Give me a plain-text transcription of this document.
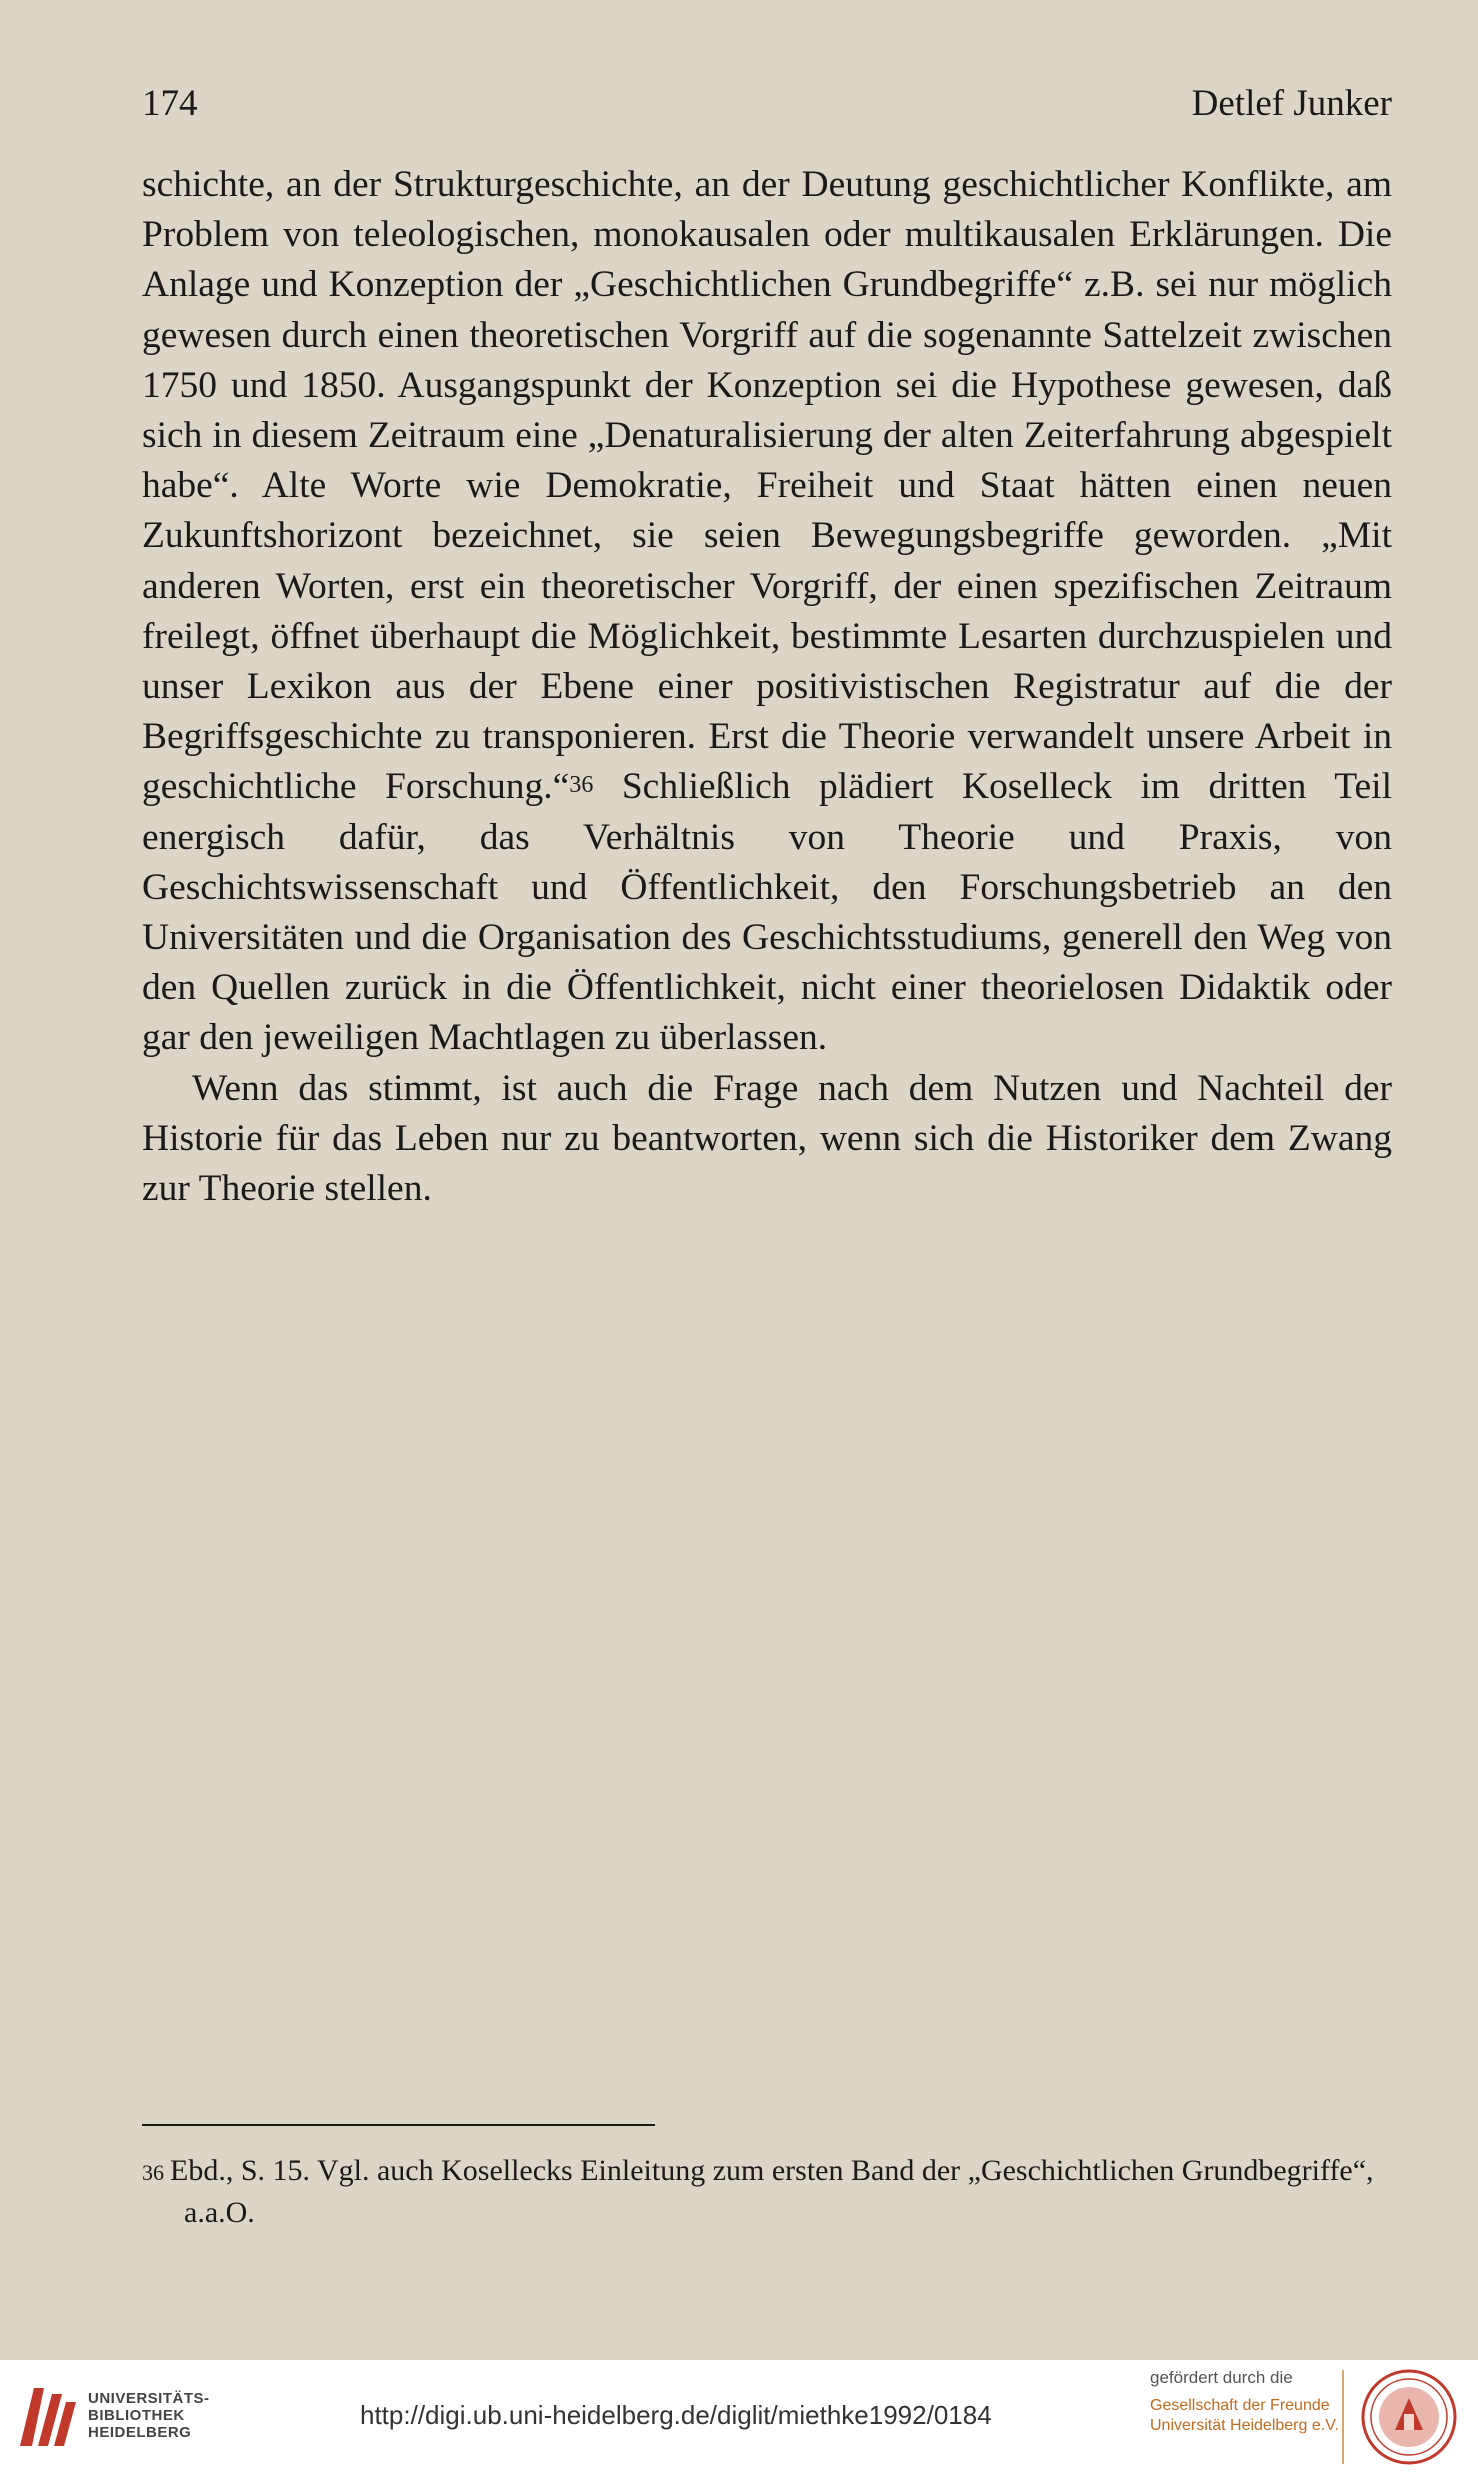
174	Detlef Junker

schichte, an der Strukturgeschichte, an der Deutung geschichtlicher Konflikte, am Problem von teleologischen, monokausalen oder multikausalen Erklärungen. Die Anlage und Konzeption der „Geschichtlichen Grundbegriffe“ z.B. sei nur möglich gewesen durch einen theoretischen Vorgriff auf die sogenannte Sattelzeit zwischen 1750 und 1850. Ausgangspunkt der Konzeption sei die Hypothese gewesen, daß sich in diesem Zeitraum eine „Denaturalisierung der alten Zeiterfahrung abgespielt habe“. Alte Worte wie Demokratie, Freiheit und Staat hätten einen neuen Zukunftshorizont bezeichnet, sie seien Bewegungsbegriffe geworden. „Mit anderen Worten, erst ein theoretischer Vorgriff, der einen spezifischen Zeitraum freilegt, öffnet überhaupt die Möglichkeit, bestimmte Lesarten durchzuspielen und unser Lexikon aus der Ebene einer positivistischen Registratur auf die der Begriffsgeschichte zu transponieren. Erst die Theorie verwandelt unsere Arbeit in geschichtliche Forschung.“$^{36}$ Schließlich plädiert Koselleck im dritten Teil energisch dafür, das Verhältnis von Theorie und Praxis, von Geschichtswissenschaft und Öffentlichkeit, den Forschungsbetrieb an den Universitäten und die Organisation des Geschichtsstudiums, generell den Weg von den Quellen zurück in die Öffentlichkeit, nicht einer theorielosen Didaktik oder gar den jeweiligen Machtlagen zu überlassen.

Wenn das stimmt, ist auch die Frage nach dem Nutzen und Nachteil der Historie für das Leben nur zu beantworten, wenn sich die Historiker dem Zwang zur Theorie stellen.

$^{36}$ Ebd., S. 15. Vgl. auch Kosellecks Einleitung zum ersten Band der „Geschichtlichen Grundbegriffe“, a.a.O.

UNIVERSITÄTS-
BIBLIOTHEK
HEIDELBERG
http://digi.ub.uni-heidelberg.de/diglit/miethke1992/0184
gefördert durch die
Gesellschaft der Freunde
Universität Heidelberg e.V.
